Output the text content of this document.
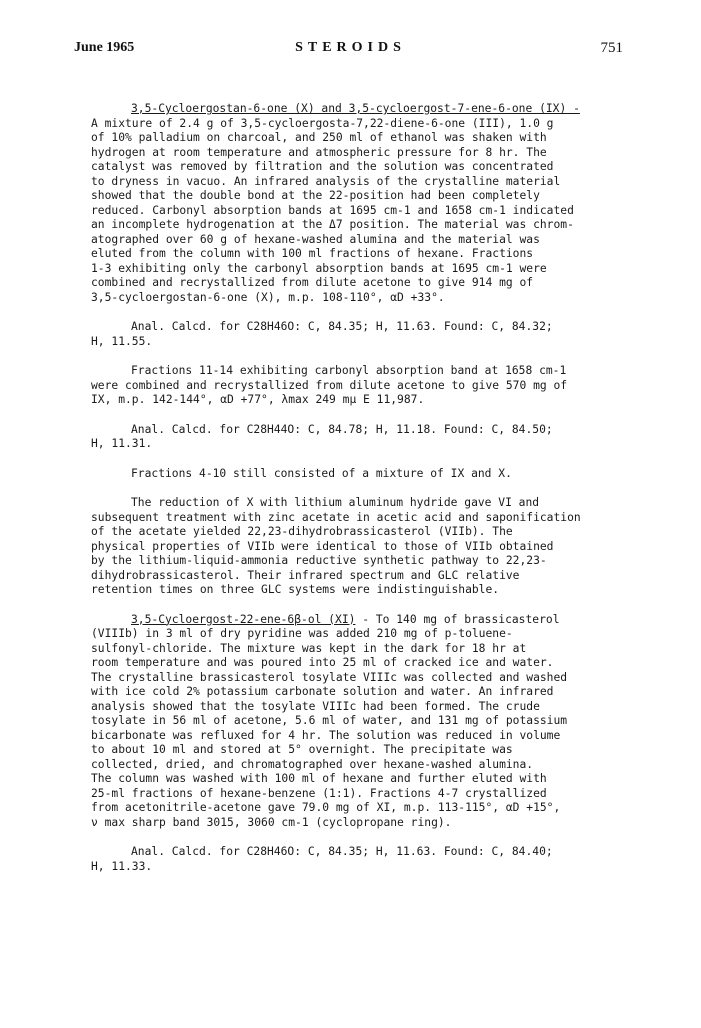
June 1965	STEROIDS	751
3,5-Cycloergostan-6-one (X) and 3,5-cycloergost-7-ene-6-one (IX) -
A mixture of 2.4 g of 3,5-cycloergosta-7,22-diene-6-one (III), 1.0 g
of 10% palladium on charcoal, and 250 ml of ethanol was shaken with
hydrogen at room temperature and atmospheric pressure for 8 hr. The
catalyst was removed by filtration and the solution was concentrated
to dryness in vacuo. An infrared analysis of the crystalline material
showed that the double bond at the 22-position had been completely
reduced. Carbonyl absorption bands at 1695 cm-1 and 1658 cm-1 indicated
an incomplete hydrogenation at the Δ7 position. The material was chrom-
atographed over 60 g of hexane-washed alumina and the material was
eluted from the column with 100 ml fractions of hexane. Fractions
1-3 exhibiting only the carbonyl absorption bands at 1695 cm-1 were
combined and recrystallized from dilute acetone to give 914 mg of
3,5-cycloergostan-6-one (X), m.p. 108-110°, αD +33°.
Anal. Calcd. for C28H46O: C, 84.35; H, 11.63. Found: C, 84.32;
H, 11.55.
Fractions 11-14 exhibiting carbonyl absorption band at 1658 cm-1
were combined and recrystallized from dilute acetone to give 570 mg of
IX, m.p. 142-144°, αD +77°, λmax 249 mμ E 11,987.
Anal. Calcd. for C28H44O: C, 84.78; H, 11.18. Found: C, 84.50;
H, 11.31.
Fractions 4-10 still consisted of a mixture of IX and X.
The reduction of X with lithium aluminum hydride gave VI and
subsequent treatment with zinc acetate in acetic acid and saponification
of the acetate yielded 22,23-dihydrobrassicasterol (VIIb). The
physical properties of VIIb were identical to those of VIIb obtained
by the lithium-liquid-ammonia reductive synthetic pathway to 22,23-
dihydrobrassicasterol. Their infrared spectrum and GLC relative
retention times on three GLC systems were indistinguishable.
3,5-Cycloergost-22-ene-6β-ol (XI) - To 140 mg of brassicasterol
(VIIIb) in 3 ml of dry pyridine was added 210 mg of p-toluene-
sulfonyl-chloride. The mixture was kept in the dark for 18 hr at
room temperature and was poured into 25 ml of cracked ice and water.
The crystalline brassicasterol tosylate VIIIc was collected and washed
with ice cold 2% potassium carbonate solution and water. An infrared
analysis showed that the tosylate VIIIc had been formed. The crude
tosylate in 56 ml of acetone, 5.6 ml of water, and 131 mg of potassium
bicarbonate was refluxed for 4 hr. The solution was reduced in volume
to about 10 ml and stored at 5° overnight. The precipitate was
collected, dried, and chromatographed over hexane-washed alumina.
The column was washed with 100 ml of hexane and further eluted with
25-ml fractions of hexane-benzene (1:1). Fractions 4-7 crystallized
from acetonitrile-acetone gave 79.0 mg of XI, m.p. 113-115°, αD +15°,
ν max sharp band 3015, 3060 cm-1 (cyclopropane ring).
Anal. Calcd. for C28H46O: C, 84.35; H, 11.63. Found: C, 84.40;
H, 11.33.
